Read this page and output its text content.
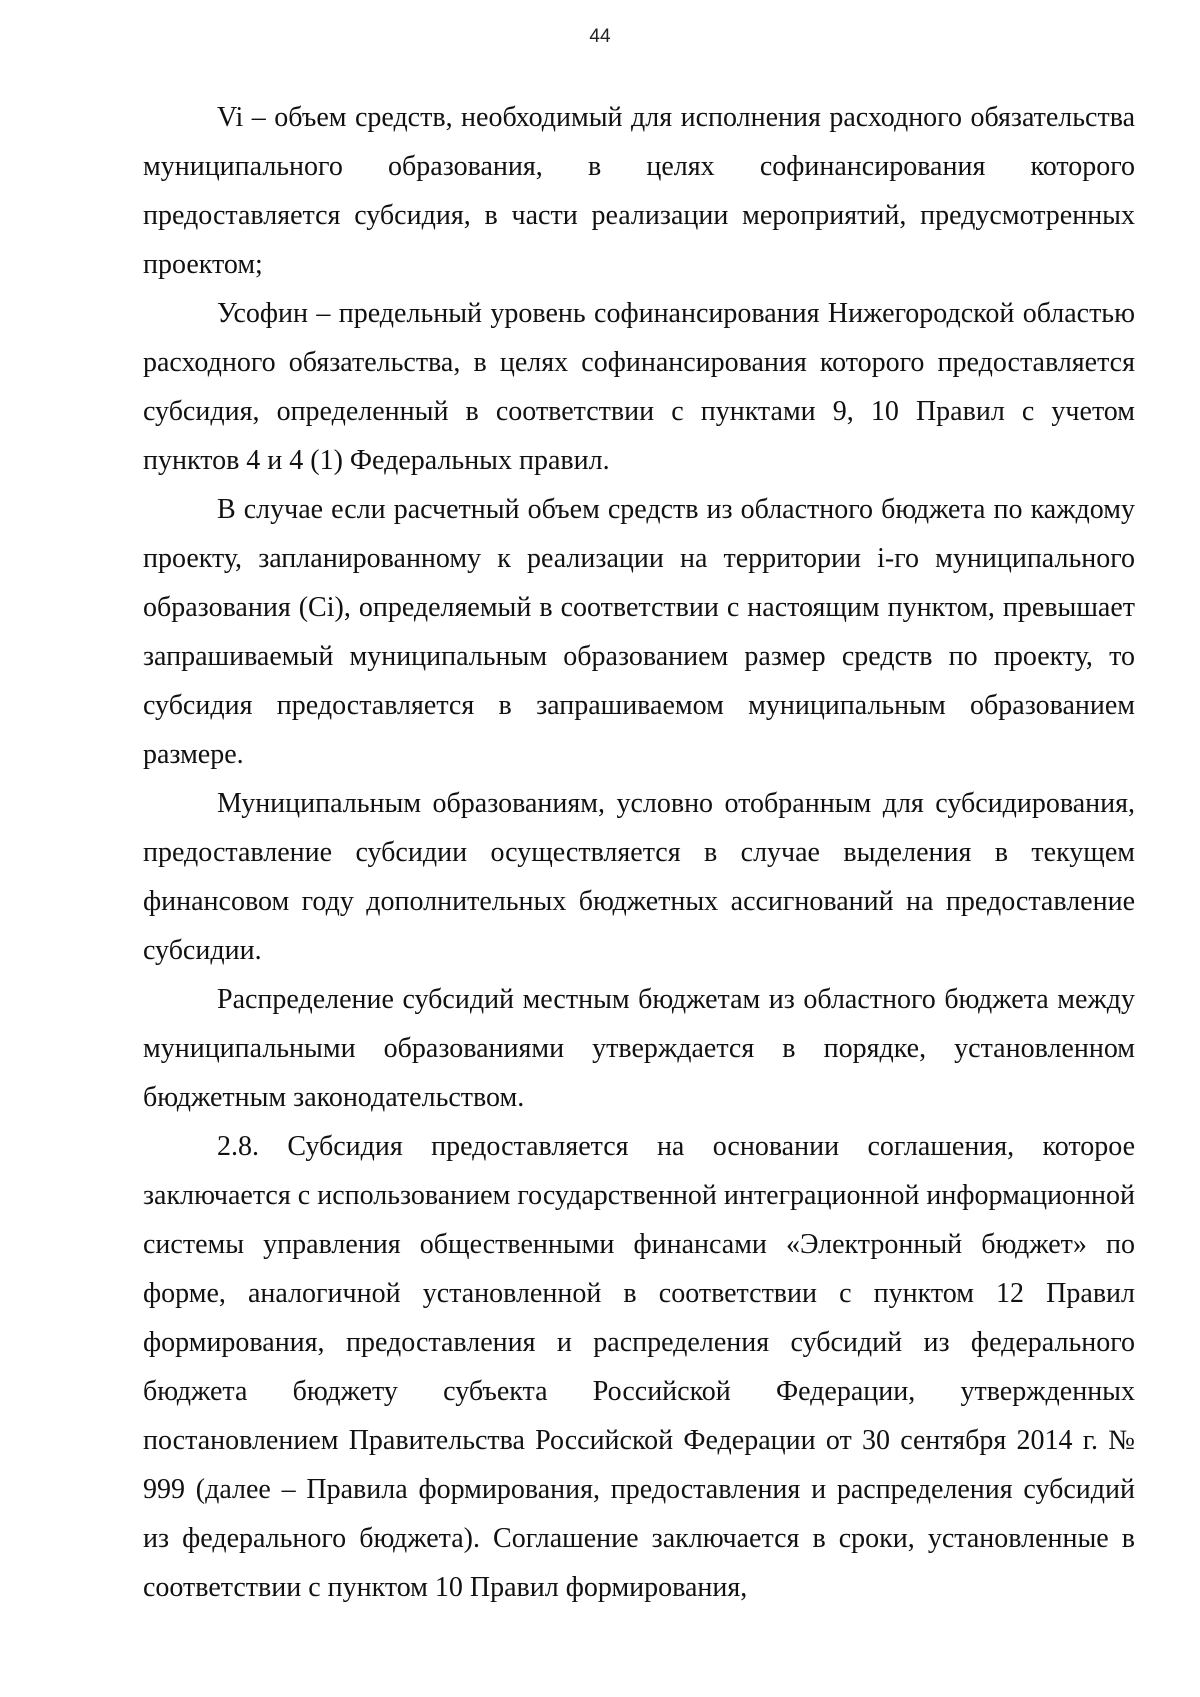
44

Vi – объем средств, необходимый для исполнения расходного обязательства муниципального образования, в целях софинансирования которого предоставляется субсидия, в части реализации мероприятий, предусмотренных проектом;

Усофин – предельный уровень софинансирования Нижегородской областью расходного обязательства, в целях софинансирования которого предоставляется субсидия, определенный в соответствии с пунктами 9, 10 Правил с учетом пунктов 4 и 4 (1) Федеральных правил.

В случае если расчетный объем средств из областного бюджета по каждому проекту, запланированному к реализации на территории i-го муниципального образования (Ci), определяемый в соответствии с настоящим пунктом, превышает запрашиваемый муниципальным образованием размер средств по проекту, то субсидия предоставляется в запрашиваемом муниципальным образованием размере.

Муниципальным образованиям, условно отобранным для субсидирования, предоставление субсидии осуществляется в случае выделения в текущем финансовом году дополнительных бюджетных ассигнований на предоставление субсидии.

Распределение субсидий местным бюджетам из областного бюджета между муниципальными образованиями утверждается в порядке, установленном бюджетным законодательством.

2.8. Субсидия предоставляется на основании соглашения, которое заключается с использованием государственной интеграционной информационной системы управления общественными финансами «Электронный бюджет» по форме, аналогичной установленной в соответствии с пунктом 12 Правил формирования, предоставления и распределения субсидий из федерального бюджета бюджету субъекта Российской Федерации, утвержденных постановлением Правительства Российской Федерации от 30 сентября 2014 г. № 999 (далее – Правила формирования, предоставления и распределения субсидий из федерального бюджета). Соглашение заключается в сроки, установленные в соответствии с пунктом 10 Правил формирования,
